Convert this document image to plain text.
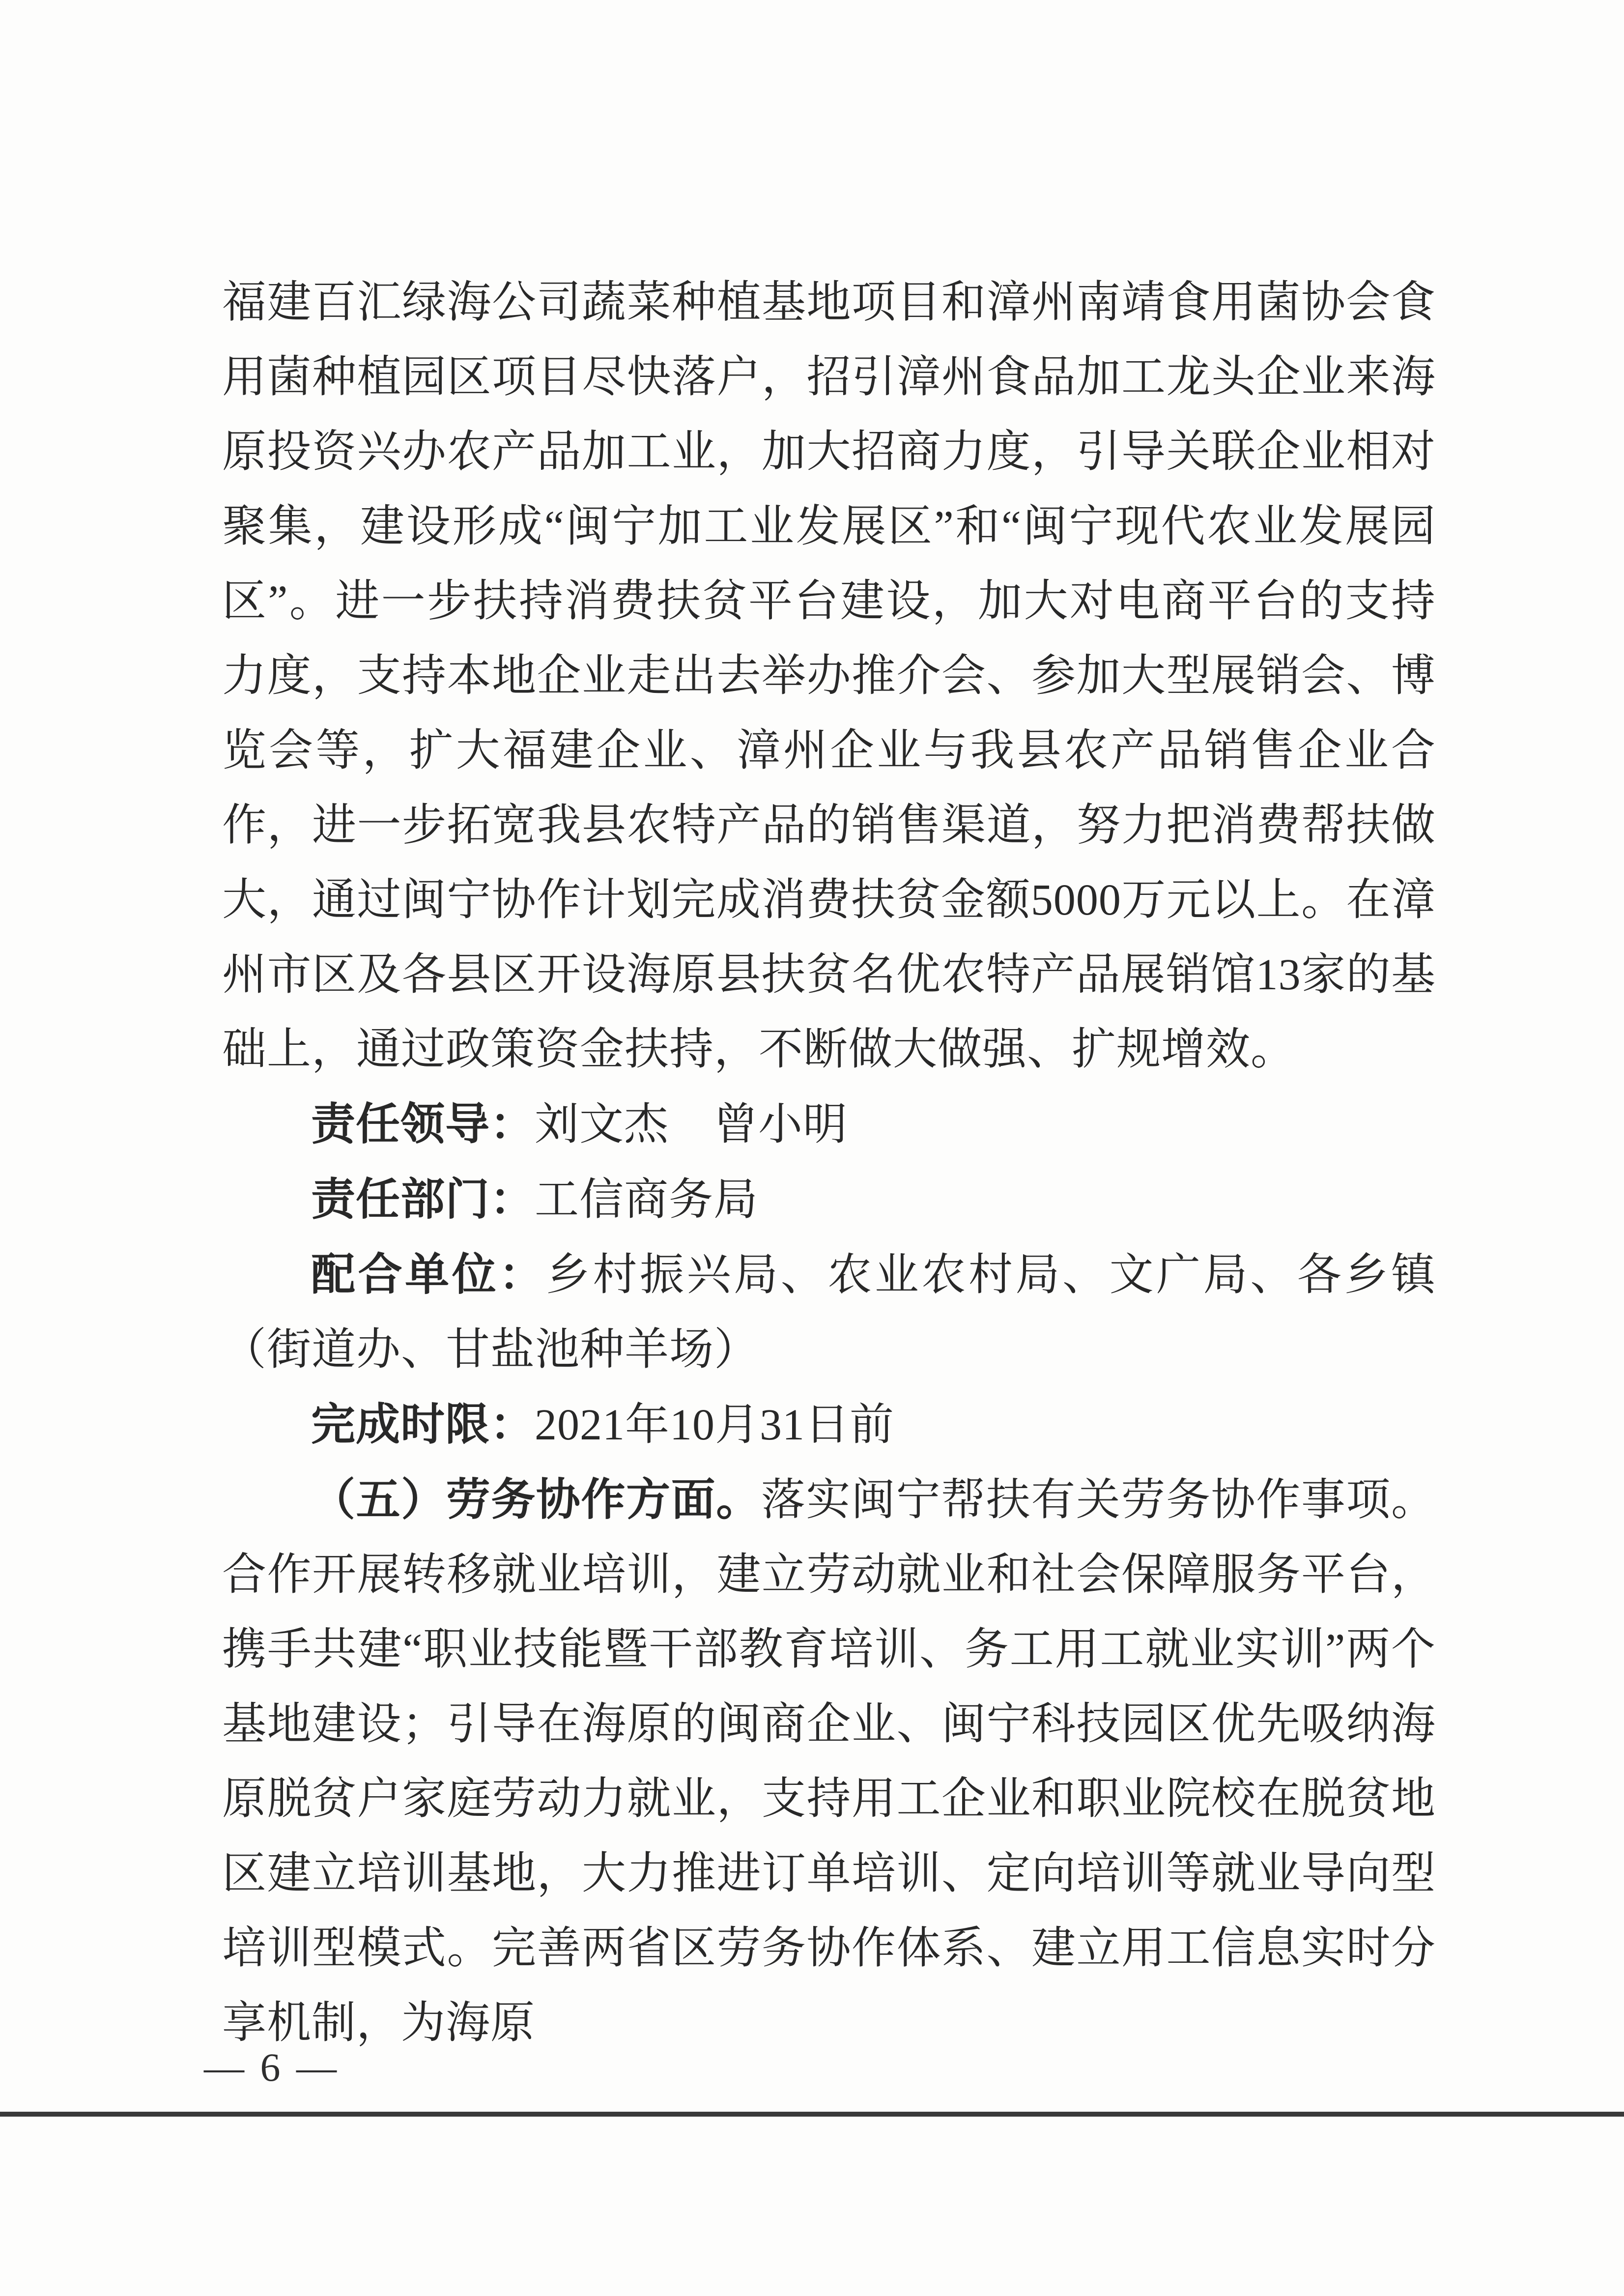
福建百汇绿海公司蔬菜种植基地项目和漳州南靖食用菌协会食用菌种植园区项目尽快落户，招引漳州食品加工龙头企业来海原投资兴办农产品加工业，加大招商力度，引导关联企业相对聚集，建设形成“闽宁加工业发展区”和“闽宁现代农业发展园区”。进一步扶持消费扶贫平台建设，加大对电商平台的支持力度，支持本地企业走出去举办推介会、参加大型展销会、博览会等，扩大福建企业、漳州企业与我县农产品销售企业合作，进一步拓宽我县农特产品的销售渠道，努力把消费帮扶做大，通过闽宁协作计划完成消费扶贫金额5000万元以上。在漳州市区及各县区开设海原县扶贫名优农特产品展销馆13家的基础上，通过政策资金扶持，不断做大做强、扩规增效。

责任领导：刘文杰　曾小明

责任部门：工信商务局

配合单位：乡村振兴局、农业农村局、文广局、各乡镇（街道办、甘盐池种羊场）

完成时限：2021年10月31日前

（五）劳务协作方面。落实闽宁帮扶有关劳务协作事项。合作开展转移就业培训，建立劳动就业和社会保障服务平台，携手共建“职业技能暨干部教育培训、务工用工就业实训”两个基地建设；引导在海原的闽商企业、闽宁科技园区优先吸纳海原脱贫户家庭劳动力就业，支持用工企业和职业院校在脱贫地区建立培训基地，大力推进订单培训、定向培训等就业导向型培训型模式。完善两省区劳务协作体系、建立用工信息实时分享机制，为海原

— 6 —
